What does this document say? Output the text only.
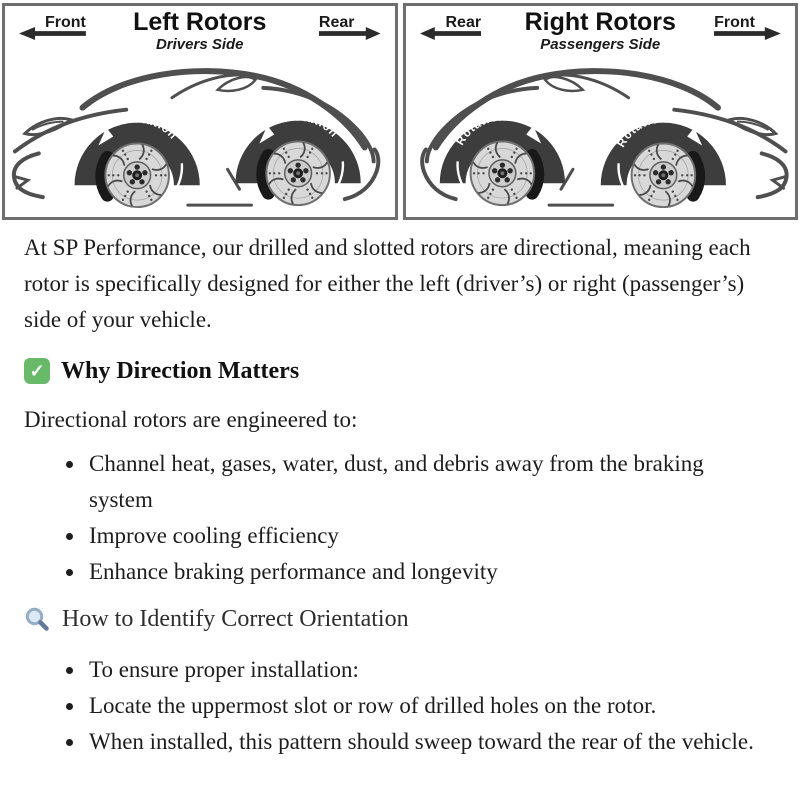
Left Rotors
Drivers Side
Front	Rear
Rotation
Rotation
Right Rotors
Passengers Side
Rear	Front
Rotation
Rotation

At SP Performance, our drilled and slotted rotors are directional, meaning each rotor is specifically designed for either the left (driver’s) or right (passenger’s) side of your vehicle.

✓ Why Direction Matters

Directional rotors are engineered to:

• Channel heat, gases, water, dust, and debris away from the braking system
• Improve cooling efficiency
• Enhance braking performance and longevity
How to Identify Correct Orientation
• To ensure proper installation:
• Locate the uppermost slot or row of drilled holes on the rotor.
• When installed, this pattern should sweep toward the rear of the vehicle.
